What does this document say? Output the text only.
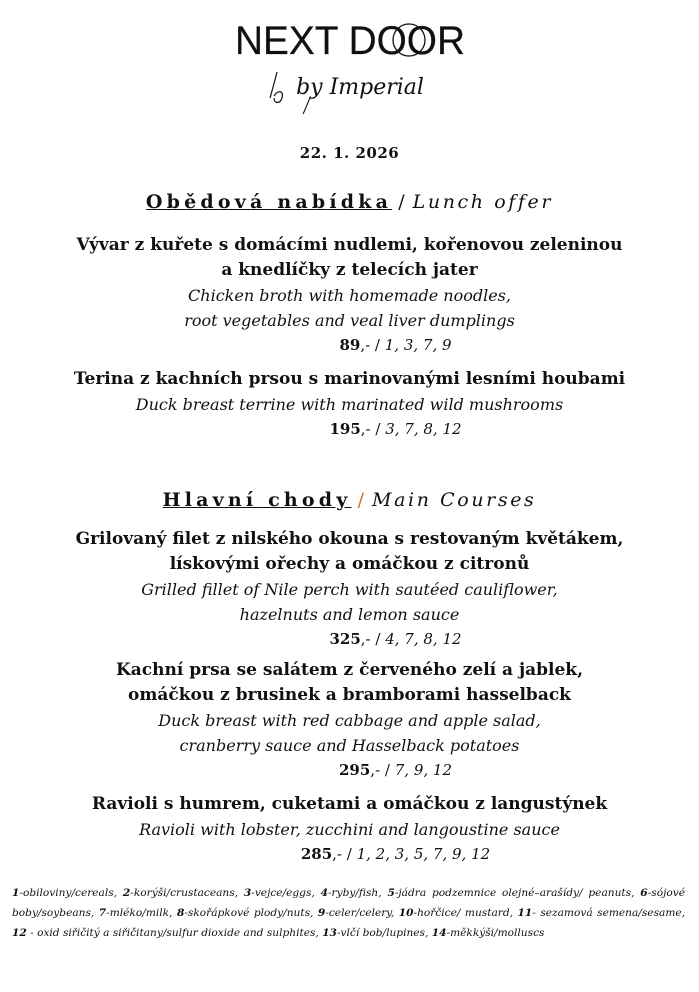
NEXT DOOR
by Imperial
22. 1. 2026
Obědová nabídka / Lunch offer
Vývar z kuřete s domácími nudlemi, kořenovou zeleninou
a knedlíčky z telecích jater
Chicken broth with homemade noodles,
root vegetables and veal liver dumplings
89,- / 1, 3, 7, 9
Terina z kachních prsou s marinovanými lesními houbami
Duck breast terrine with marinated wild mushrooms
195,- / 3, 7, 8, 12
Hlavní chody / Main Courses
Grilovaný filet z nilského okouna s restovaným květákem,
lískovými ořechy a omáčkou z citronů
Grilled fillet of Nile perch with sautéed cauliflower,
hazelnuts and lemon sauce
325,- / 4, 7, 8, 12
Kachní prsa se salátem z červeného zelí a jablek,
omáčkou z brusinek a bramborami hasselback
Duck breast with red cabbage and apple salad,
cranberry sauce and Hasselback potatoes
295,- / 7, 9, 12
Ravioli s humrem, cuketami a omáčkou z langustýnek
Ravioli with lobster, zucchini and langoustine sauce
285,- / 1, 2, 3, 5, 7, 9, 12
1-obiloviny/cereals, 2-korýši/crustaceans, 3-vejce/eggs, 4-ryby/fish, 5-jádra podzemnice olejné–arašídy/ peanuts, 6-sójové boby/soybeans, 7-mléko/milk, 8-skořápkové plody/nuts, 9-celer/celery, 10-hořčice/ mustard, 11- sezamová semena/sesame, 12 - oxid siřičitý a siřičitany/sulfur dioxide and sulphites, 13-vlčí bob/lupines, 14-měkkýši/molluscs
